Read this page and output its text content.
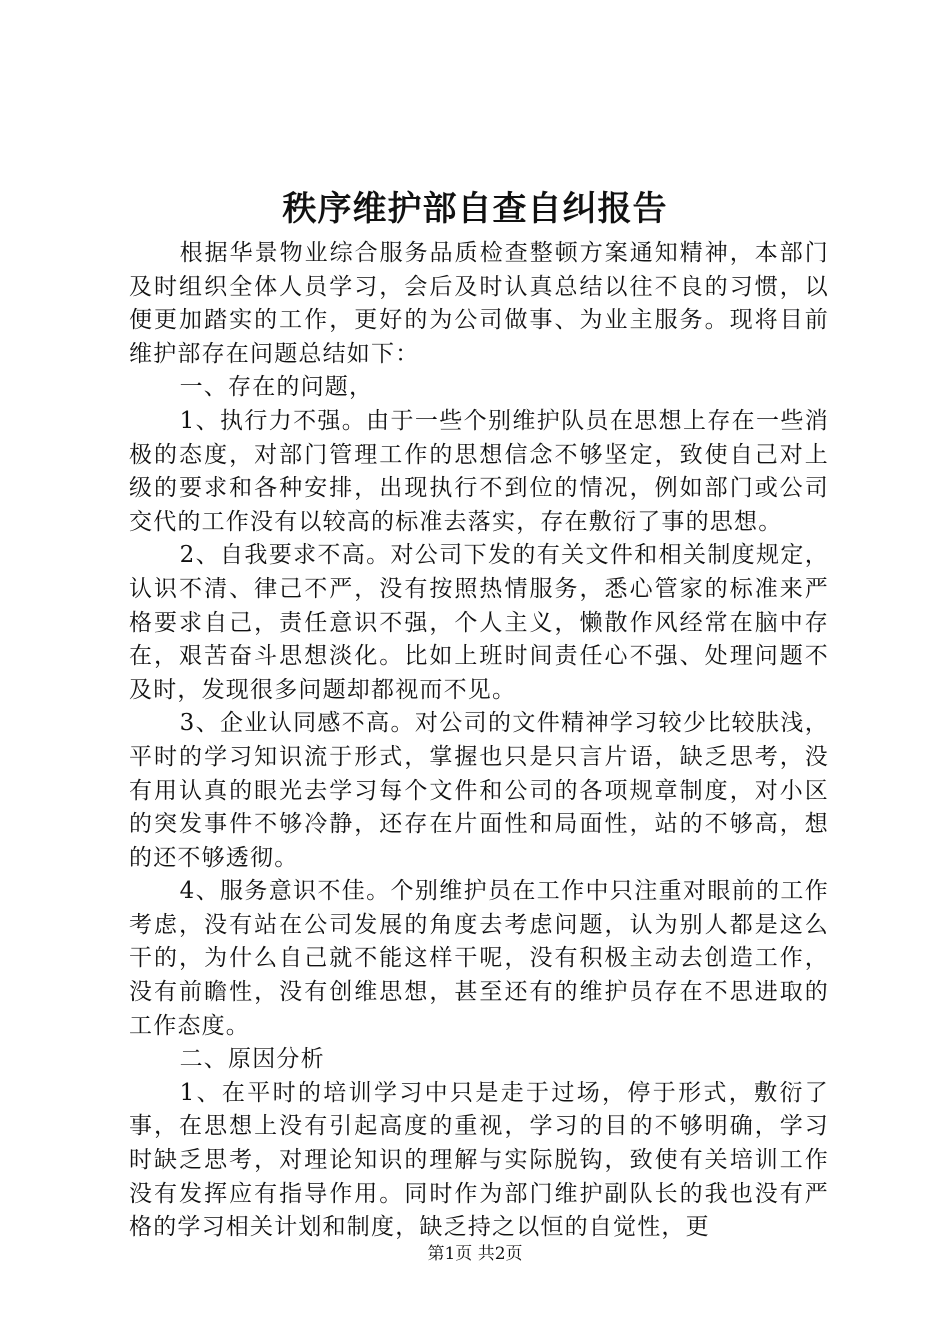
秩序维护部自查自纠报告

根据华景物业综合服务品质检查整顿方案通知精神，本部门及时组织全体人员学习，会后及时认真总结以往不良的习惯，以便更加踏实的工作，更好的为公司做事、为业主服务。现将目前维护部存在问题总结如下：

一、存在的问题，

1、执行力不强。由于一些个别维护队员在思想上存在一些消极的态度，对部门管理工作的思想信念不够坚定，致使自己对上级的要求和各种安排，出现执行不到位的情况，例如部门或公司交代的工作没有以较高的标准去落实，存在敷衍了事的思想。

2、自我要求不高。对公司下发的有关文件和相关制度规定，认识不清、律己不严，没有按照热情服务，悉心管家的标准来严格要求自己，责任意识不强，个人主义，懒散作风经常在脑中存在，艰苦奋斗思想淡化。比如上班时间责任心不强、处理问题不及时，发现很多问题却都视而不见。

3、企业认同感不高。对公司的文件精神学习较少比较肤浅，平时的学习知识流于形式，掌握也只是只言片语，缺乏思考，没有用认真的眼光去学习每个文件和公司的各项规章制度，对小区的突发事件不够冷静，还存在片面性和局面性，站的不够高，想的还不够透彻。

4、服务意识不佳。个别维护员在工作中只注重对眼前的工作考虑，没有站在公司发展的角度去考虑问题，认为别人都是这么干的，为什么自己就不能这样干呢，没有积极主动去创造工作，没有前瞻性，没有创维思想，甚至还有的维护员存在不思进取的工作态度。

二、原因分析

1、在平时的培训学习中只是走于过场，停于形式，敷衍了事，在思想上没有引起高度的重视，学习的目的不够明确，学习时缺乏思考，对理论知识的理解与实际脱钩，致使有关培训工作没有发挥应有指导作用。同时作为部门维护副队长的我也没有严格的学习相关计划和制度，缺乏持之以恒的自觉性，更

第1页 共2页
